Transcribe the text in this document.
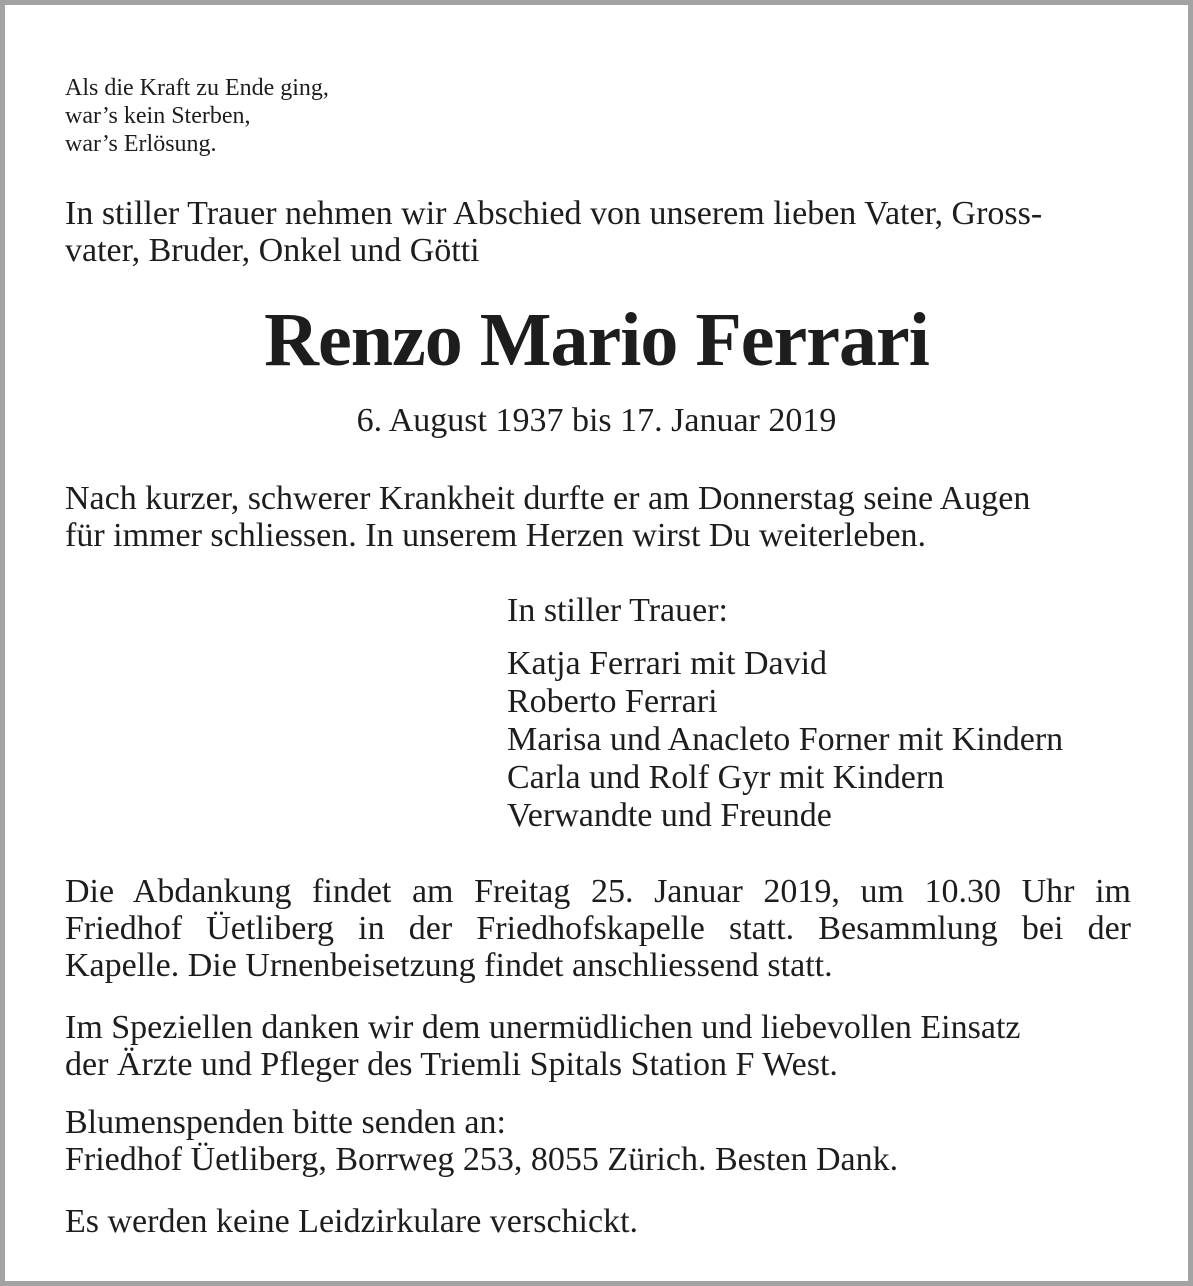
Als die Kraft zu Ende ging,
war’s kein Sterben,
war’s Erlösung.
In stiller Trauer nehmen wir Abschied von unserem lieben Vater, Gross-
vater, Bruder, Onkel und Götti
Renzo Mario Ferrari
6. August 1937 bis 17. Januar 2019
Nach kurzer, schwerer Krankheit durfte er am Donnerstag seine Augen
für immer schliessen. In unserem Herzen wirst Du weiterleben.
In stiller Trauer:
Katja Ferrari mit David
Roberto Ferrari
Marisa und Anacleto Forner mit Kindern
Carla und Rolf Gyr mit Kindern
Verwandte und Freunde
Die Abdankung findet am Freitag 25. Januar 2019, um 10.30 Uhr im
Friedhof Üetliberg in der Friedhofskapelle statt. Besammlung bei der
Kapelle. Die Urnenbeisetzung findet anschliessend statt.
Im Speziellen danken wir dem unermüdlichen und liebevollen Einsatz
der Ärzte und Pfleger des Triemli Spitals Station F West.
Blumenspenden bitte senden an:
Friedhof Üetliberg, Borrweg 253, 8055 Zürich. Besten Dank.
Es werden keine Leidzirkulare verschickt.
